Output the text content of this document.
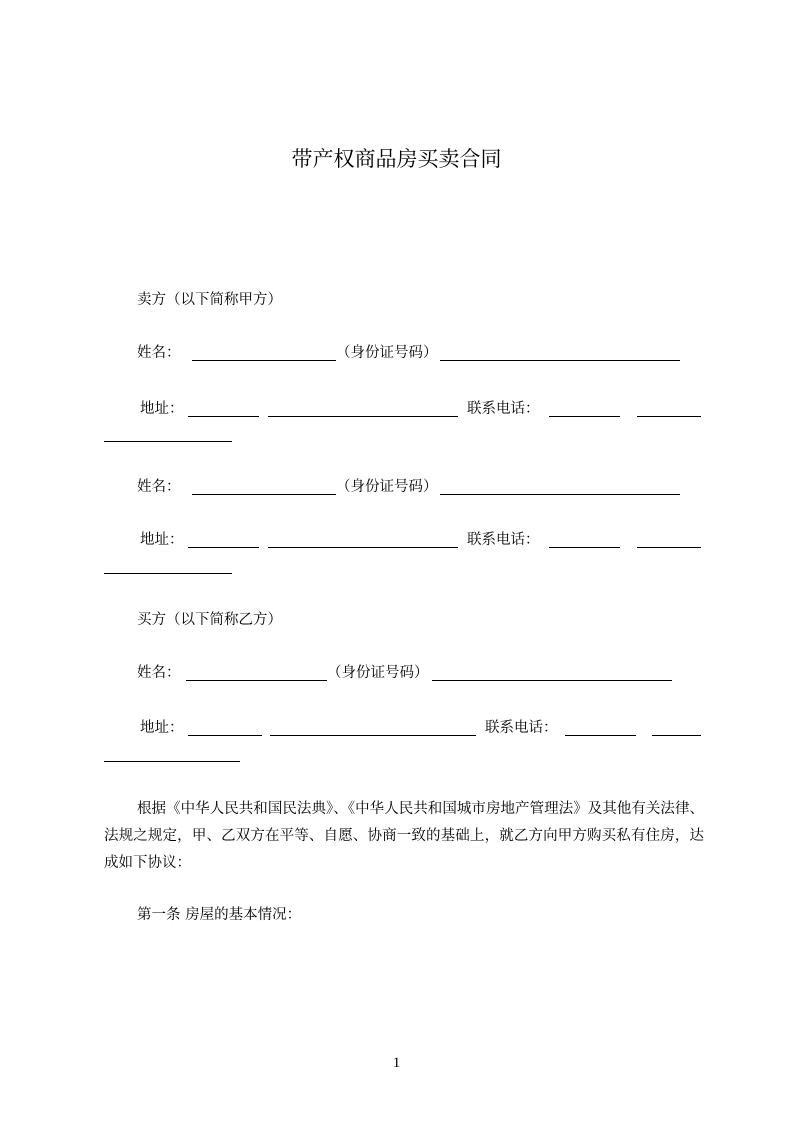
带产权商品房买卖合同
卖方（以下简称甲方）
姓名：	（身份证号码）
地址：	联系电话：
姓名：	（身份证号码）
地址：	联系电话：
买方（以下简称乙方）
姓名：	（身份证号码）
地址：	联系电话：
根据《中华人民共和国民法典》、《中华人民共和国城市房地产管理法》及其他有关法律、法规之规定，甲、乙双方在平等、自愿、协商一致的基础上，就乙方向甲方购买私有住房，达成如下协议：
第一条 房屋的基本情况：
1
